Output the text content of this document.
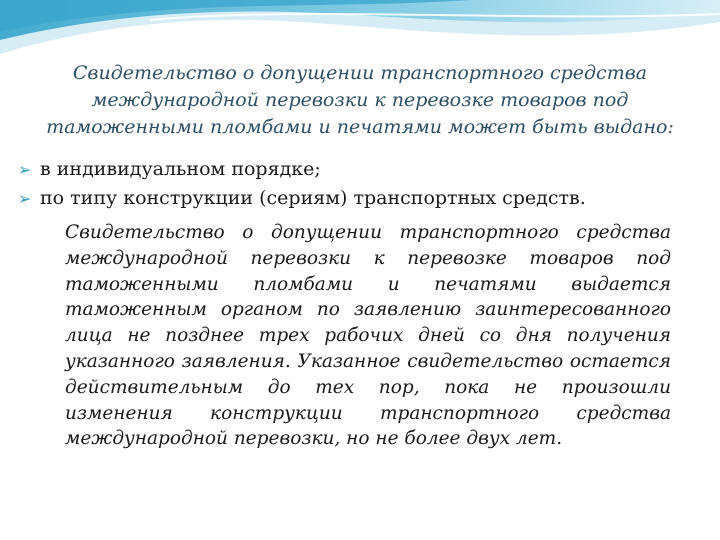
Свидетельство о допущении транспортного средства международной перевозки к перевозке товаров под таможенными пломбами и печатями может быть выдано:
➢ в индивидуальном порядке;
➢ по типу конструкции (сериям) транспортных средств.

Свидетельство о допущении транспортного средства международной перевозки к перевозке товаров под таможенными пломбами и печатями выдается таможенным органом по заявлению заинтересованного лица не позднее трех рабочих дней со дня получения указанного заявления. Указанное свидетельство остается действительным до тех пор, пока не произошли изменения конструкции транспортного средства международной перевозки, но не более двух лет.
